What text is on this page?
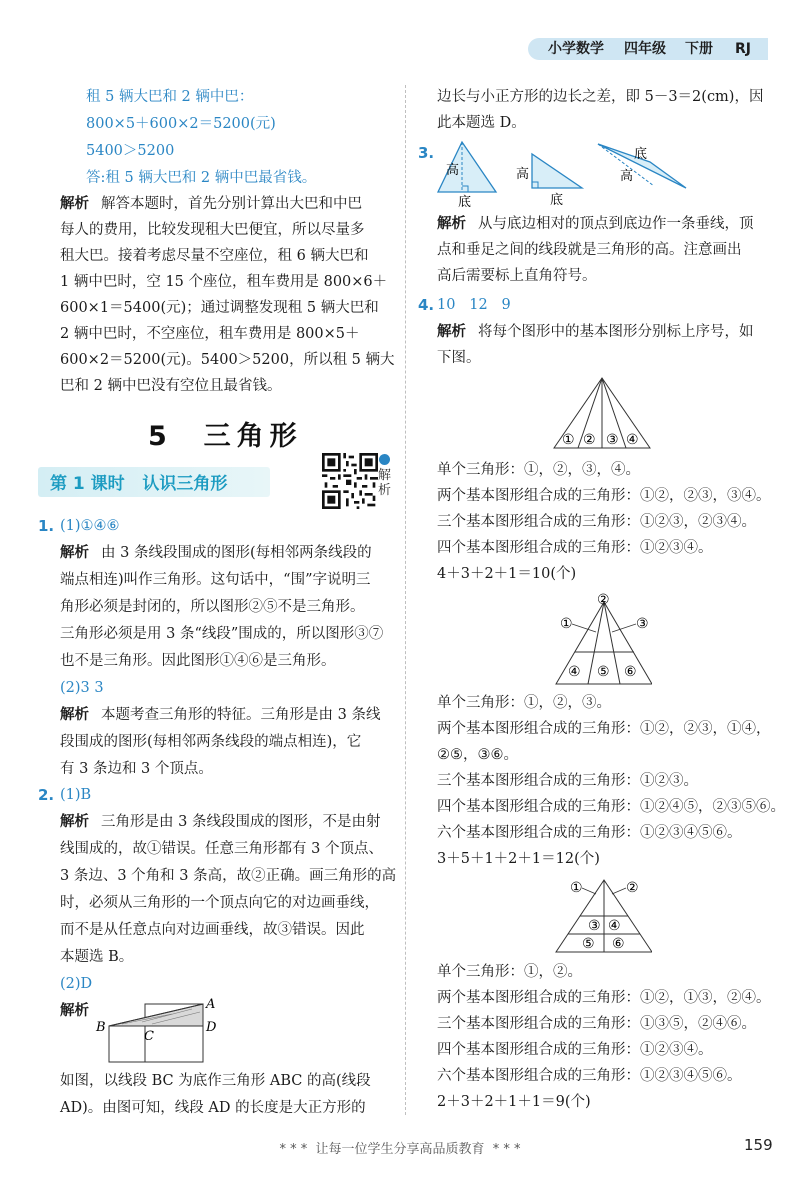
小学数学 四年级 下册 RJ
租 5 辆大巴和 2 辆中巴：
800×5＋600×2＝5200(元)
5400＞5200
答:租 5 辆大巴和 2 辆中巴最省钱。
解析 解答本题时，首先分别计算出大巴和中巴
每人的费用，比较发现租大巴便宜，所以尽量多
租大巴。接着考虑尽量不空座位，租 6 辆大巴和
1 辆中巴时，空 15 个座位，租车费用是 800×6＋
600×1＝5400(元)；通过调整发现租 5 辆大巴和
2 辆中巴时，不空座位，租车费用是 800×5＋
600×2＝5200(元)。5400＞5200，所以租 5 辆大
巴和 2 辆中巴没有空位且最省钱。
5  三角形
第 1 课时   认识三角形	解析
1. (1)①④⑥
解析 由 3 条线段围成的图形(每相邻两条线段的
端点相连)叫作三角形。这句话中，“围”字说明三
角形必须是封闭的，所以图形②⑤不是三角形。
三角形必须是用 3 条“线段”围成的，所以图形③⑦
也不是三角形。因此图形①④⑥是三角形。
(2)3 3
解析 本题考查三角形的特征。三角形是由 3 条线
段围成的图形(每相邻两条线段的端点相连)，它
有 3 条边和 3 个顶点。
2. (1)B
解析 三角形是由 3 条线段围成的图形，不是由射
线围成的，故①错误。任意三角形都有 3 个顶点、
3 条边、3 个角和 3 条高，故②正确。画三角形的高
时，必须从三角形的一个顶点向它的对边画垂线，
而不是从任意点向对边画垂线，故③错误。因此
本题选 B。
(2)D
解析
如图，以线段 BC 为底作三角形 ABC 的高(线段
AD)。由图可知，线段 AD 的长度是大正方形的
A
B
C
D
边长与小正方形的边长之差，即 5－3＝2(cm)，因
此本题选 D。
3.
解析 从与底边相对的顶点到底边作一条垂线，顶
点和垂足之间的线段就是三角形的高。注意画出
高后需要标上直角符号。
4. 10   12   9
解析 将每个图形中的基本图形分别标上序号，如
下图。
单个三角形：①，②，③，④。
两个基本图形组合成的三角形：①②，②③，③④。
三个基本图形组合成的三角形：①②③，②③④。
四个基本图形组合成的三角形：①②③④。
4＋3＋2＋1＝10(个)
单个三角形：①，②，③。
两个基本图形组合成的三角形：①②，②③，①④，
②⑤，③⑥。
三个基本图形组合成的三角形：①②③。
四个基本图形组合成的三角形：①②④⑤，②③⑤⑥。
六个基本图形组合成的三角形：①②③④⑤⑥。
3＋5＋1＋2＋1＝12(个)
单个三角形：①，②。
两个基本图形组合成的三角形：①②，①③，②④。
三个基本图形组合成的三角形：①③⑤，②④⑥。
四个基本图形组合成的三角形：①②③④。
六个基本图形组合成的三角形：①②③④⑤⑥。
2＋3＋2＋1＋1＝9(个)
高
底
高
底
底
高
① ② ③ ④
①
②
③
④ ⑤ ⑥
①	②
③ ④
⑤ ⑥
* * *  让每一位学生分享高品质教育  * * *	159
